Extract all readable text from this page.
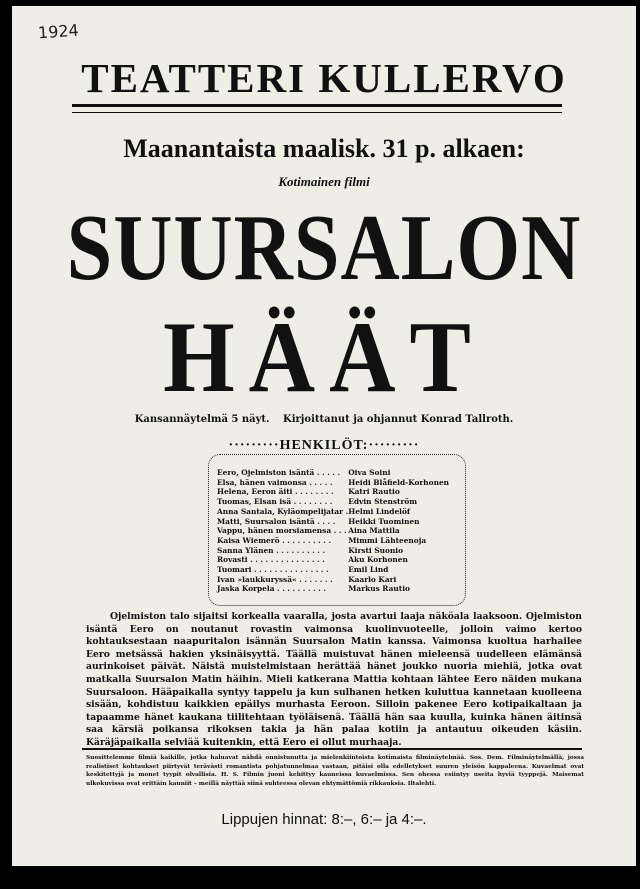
1924
TEATTERI KULLERVO
Maanantaista maalisk. 31 p. alkaen:
Kotimainen filmi
SUURSALON
HÄÄT
Kansannäytelmä 5 näyt. Kirjoittanut ja ohjannut Konrad Tallroth.
·········HENKILÖT:·········
Eero, Ojelmiston isäntä . . . . .	Oiva Soini
Elsa, hänen vaimonsa . . . . .	Heidi Blåfield-Korhonen
Helena, Eeron äiti . . . . . . . .	Katri Rautio
Tuomas, Elsan isä . . . . . . . .	Edvin Stenström
Anna Santala, Kyläompelijatar .	Helmi Lindelöf
Matti, Suursalon isäntä . . . .	Heikki Tuominen
Vappu, hänen morsiamensa . . .	Aina Mattila
Kaisa Wiemerö . . . . . . . . . .	Mimmi Lähteenoja
Sanna Ylänen . . . . . . . . . .	Kirsti Suonio
Rovasti . . . . . . . . . . . . . . .	Aku Korhonen
Tuomari . . . . . . . . . . . . . . .	Emil Lind
Ivan »laukkuryssä« . . . . . . .	Kaarlo Kari
Jaska Korpela . . . . . . . . . .	Markus Rautio

Ojelmiston talo sijaitsi korkealla vaaralla, josta avartui laaja näköala laaksoon. Ojelmiston isäntä Eero on noutanut rovastin vaimonsa kuolinvuoteelle, jolloin vaimo kertoo kohtauksestaan naapuritalon isännän Suursalon Matin kanssa. Vaimonsa kuoltua harhailee Eero metsässä hakien yksinäisyyttä. Täällä muistuvat hänen mieleensä uudelleen elämänsä aurinkoiset päivät. Näistä muistelmistaan herättää hänet joukko nuoria miehiä, jotka ovat matkalla Suursalon Matin häihin. Mieli katkerana Mattia kohtaan lähtee Eero näiden mukana Suursaloon. Hääpaikalla syntyy tappelu ja kun sulhanen hetken kuluttua kannetaan kuolleena sisään, kohdistuu kaikkien epäilys murhasta Eeroon. Silloin pakenee Eero kotipaikaltaan ja tapaamme hänet kaukana tiilitehtaan työläisenä. Täällä hän saa kuulla, kuinka hänen äitinsä saa kärsiä poikansa rikoksen takia ja hän palaa kotiin ja antautuu oikeuden käsiin. Käräjäpaikalla selviää kuitenkin, että Eero ei ollut murhaaja.

Suosittelemme filmiä kaikille, jotka haluavat nähdä onnistunutta ja mielenkiintoista kotimaista filminäytelmää. Sos. Dem. Filminäytelmällä, jossa realistiset kohtaukset piirtyvät terävästi romantista pohjatunnelmaa vastaan, pitäisi olla edelletykset suuren yleisön kappaleena. Kuvaelmat ovat keskitettyjä ja monet tyypit olvallisia. H. S. Filmin juoni kehittyy kauneissa kuvaelmissa. Sen ohessa esiintyy useita hyviä tyyppejä. Maisemat ulkokuvissa ovat erittäin kauniit – meillä näyttää siinä suhteessa olevan ehtymättömiä rikkauksia. Iltalehti.

Lippujen hinnat: 8:–, 6:– ja 4:–.
